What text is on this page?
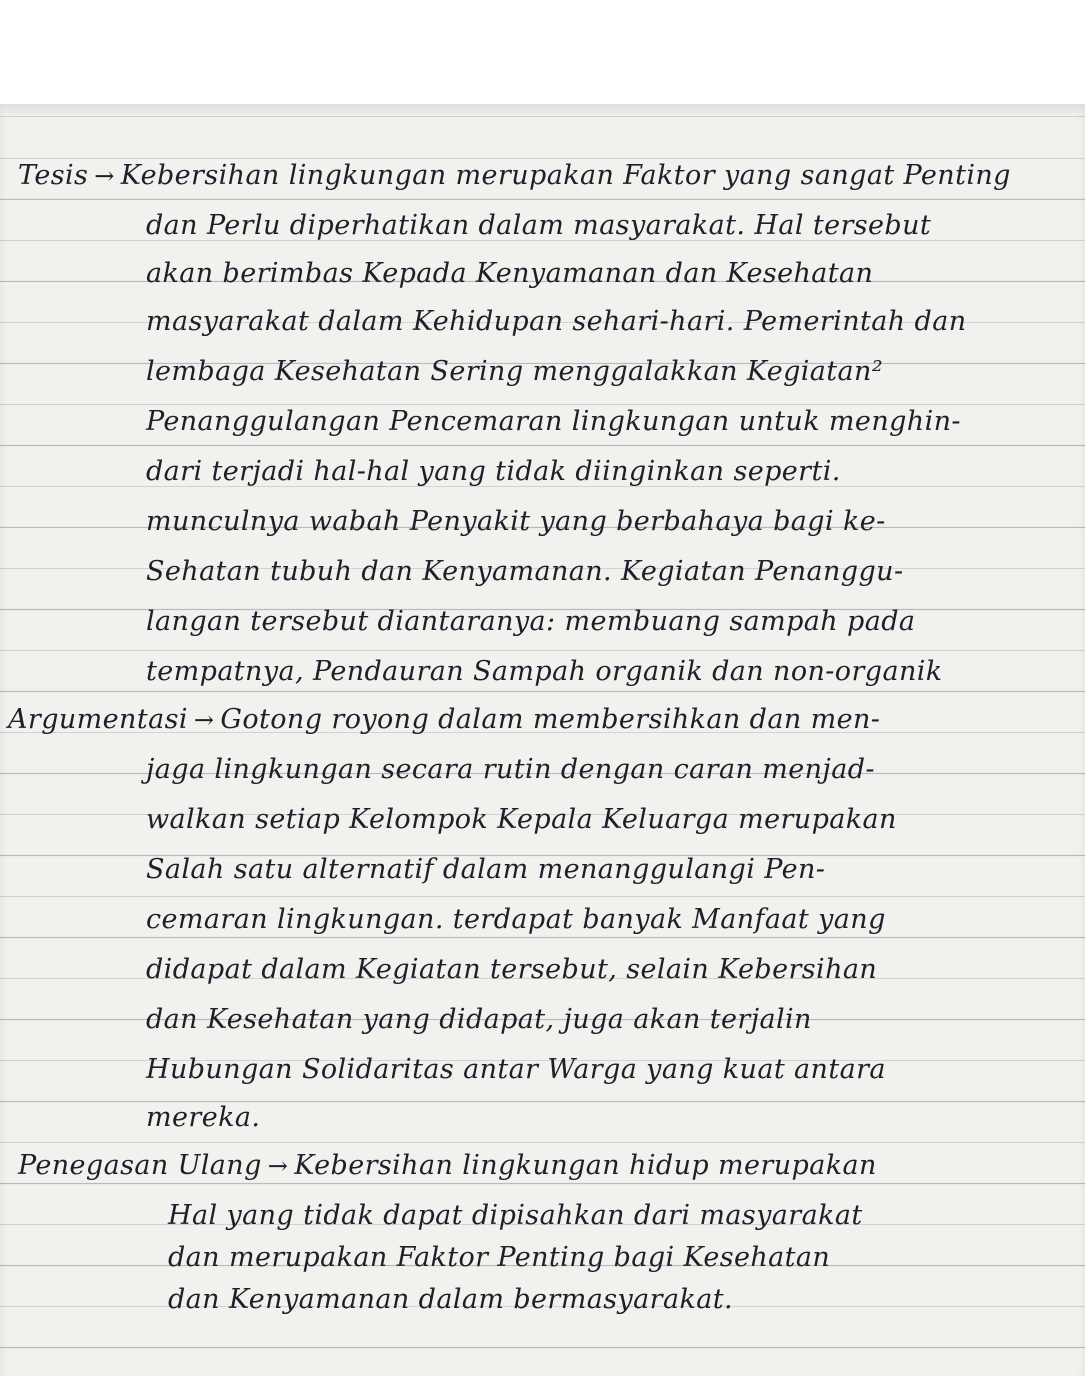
Tesis → Kebersihan lingkungan merupakan Faktor yang sangat Penting
dan Perlu diperhatikan dalam masyarakat. Hal tersebut
akan berimbas Kepada Kenyamanan dan Kesehatan
masyarakat dalam Kehidupan sehari-hari. Pemerintah dan
lembaga Kesehatan Sering menggalakkan Kegiatan²
Penanggulangan Pencemaran lingkungan untuk menghin-
dari terjadi hal-hal yang tidak diinginkan seperti.
munculnya wabah Penyakit yang berbahaya bagi ke-
Sehatan tubuh dan Kenyamanan. Kegiatan Penanggu-
langan tersebut diantaranya: membuang sampah pada
tempatnya, Pendauran Sampah organik dan non-organik
Argumentasi → Gotong royong dalam membersihkan dan men-
jaga lingkungan secara rutin dengan caran menjad-
walkan setiap Kelompok Kepala Keluarga merupakan
Salah satu alternatif dalam menanggulangi Pen-
cemaran lingkungan. terdapat banyak Manfaat yang
didapat dalam Kegiatan tersebut, selain Kebersihan
dan Kesehatan yang didapat, juga akan terjalin
Hubungan Solidaritas antar Warga yang kuat antara
mereka.
Penegasan Ulang → Kebersihan lingkungan hidup merupakan
Hal yang tidak dapat dipisahkan dari masyarakat
dan merupakan Faktor Penting bagi Kesehatan
dan Kenyamanan dalam bermasyarakat.
